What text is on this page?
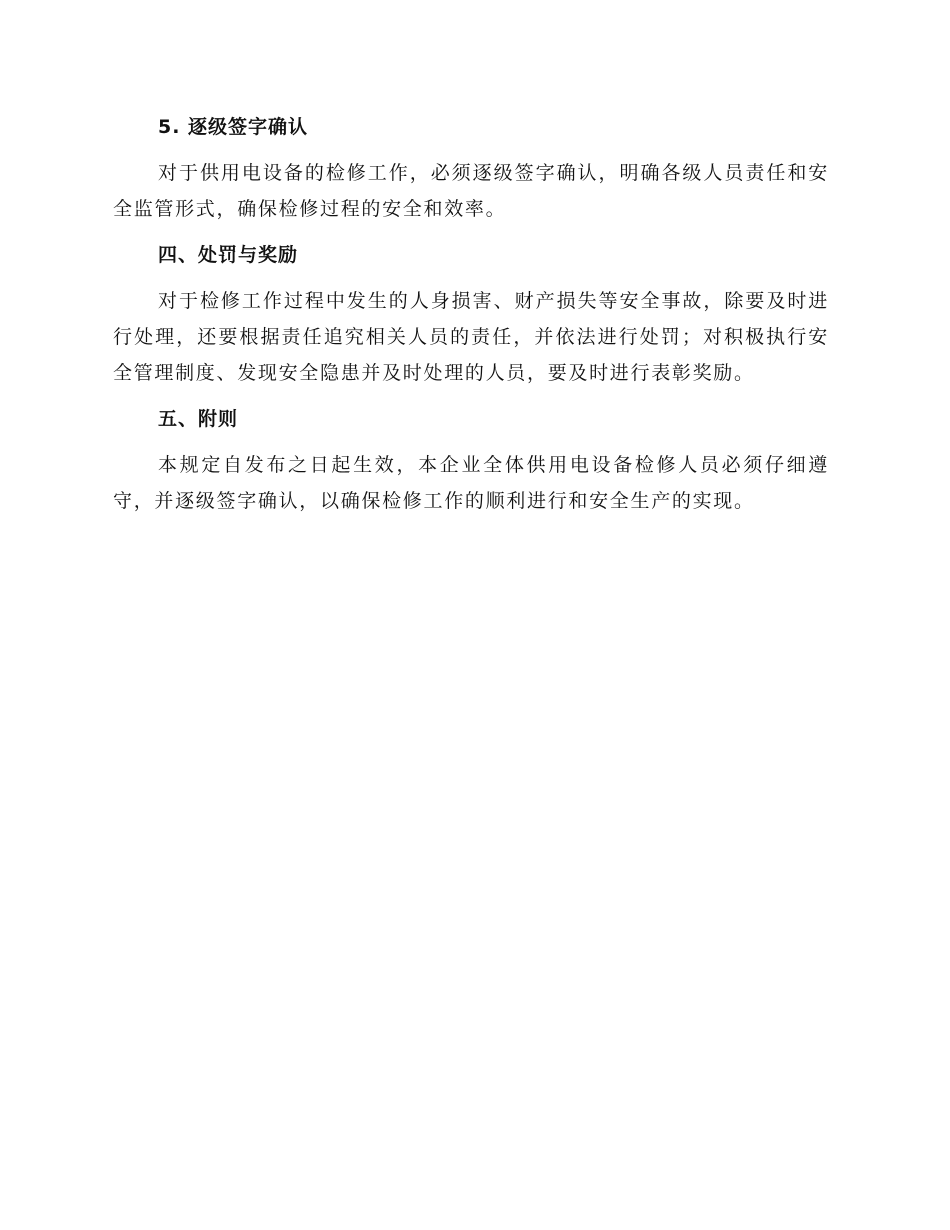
5. 逐级签字确认

对于供用电设备的检修工作，必须逐级签字确认，明确各级人员责任和安全监管形式，确保检修过程的安全和效率。

四、处罚与奖励

对于检修工作过程中发生的人身损害、财产损失等安全事故，除要及时进行处理，还要根据责任追究相关人员的责任，并依法进行处罚；对积极执行安全管理制度、发现安全隐患并及时处理的人员，要及时进行表彰奖励。

五、附则

本规定自发布之日起生效，本企业全体供用电设备检修人员必须仔细遵守，并逐级签字确认，以确保检修工作的顺利进行和安全生产的实现。
